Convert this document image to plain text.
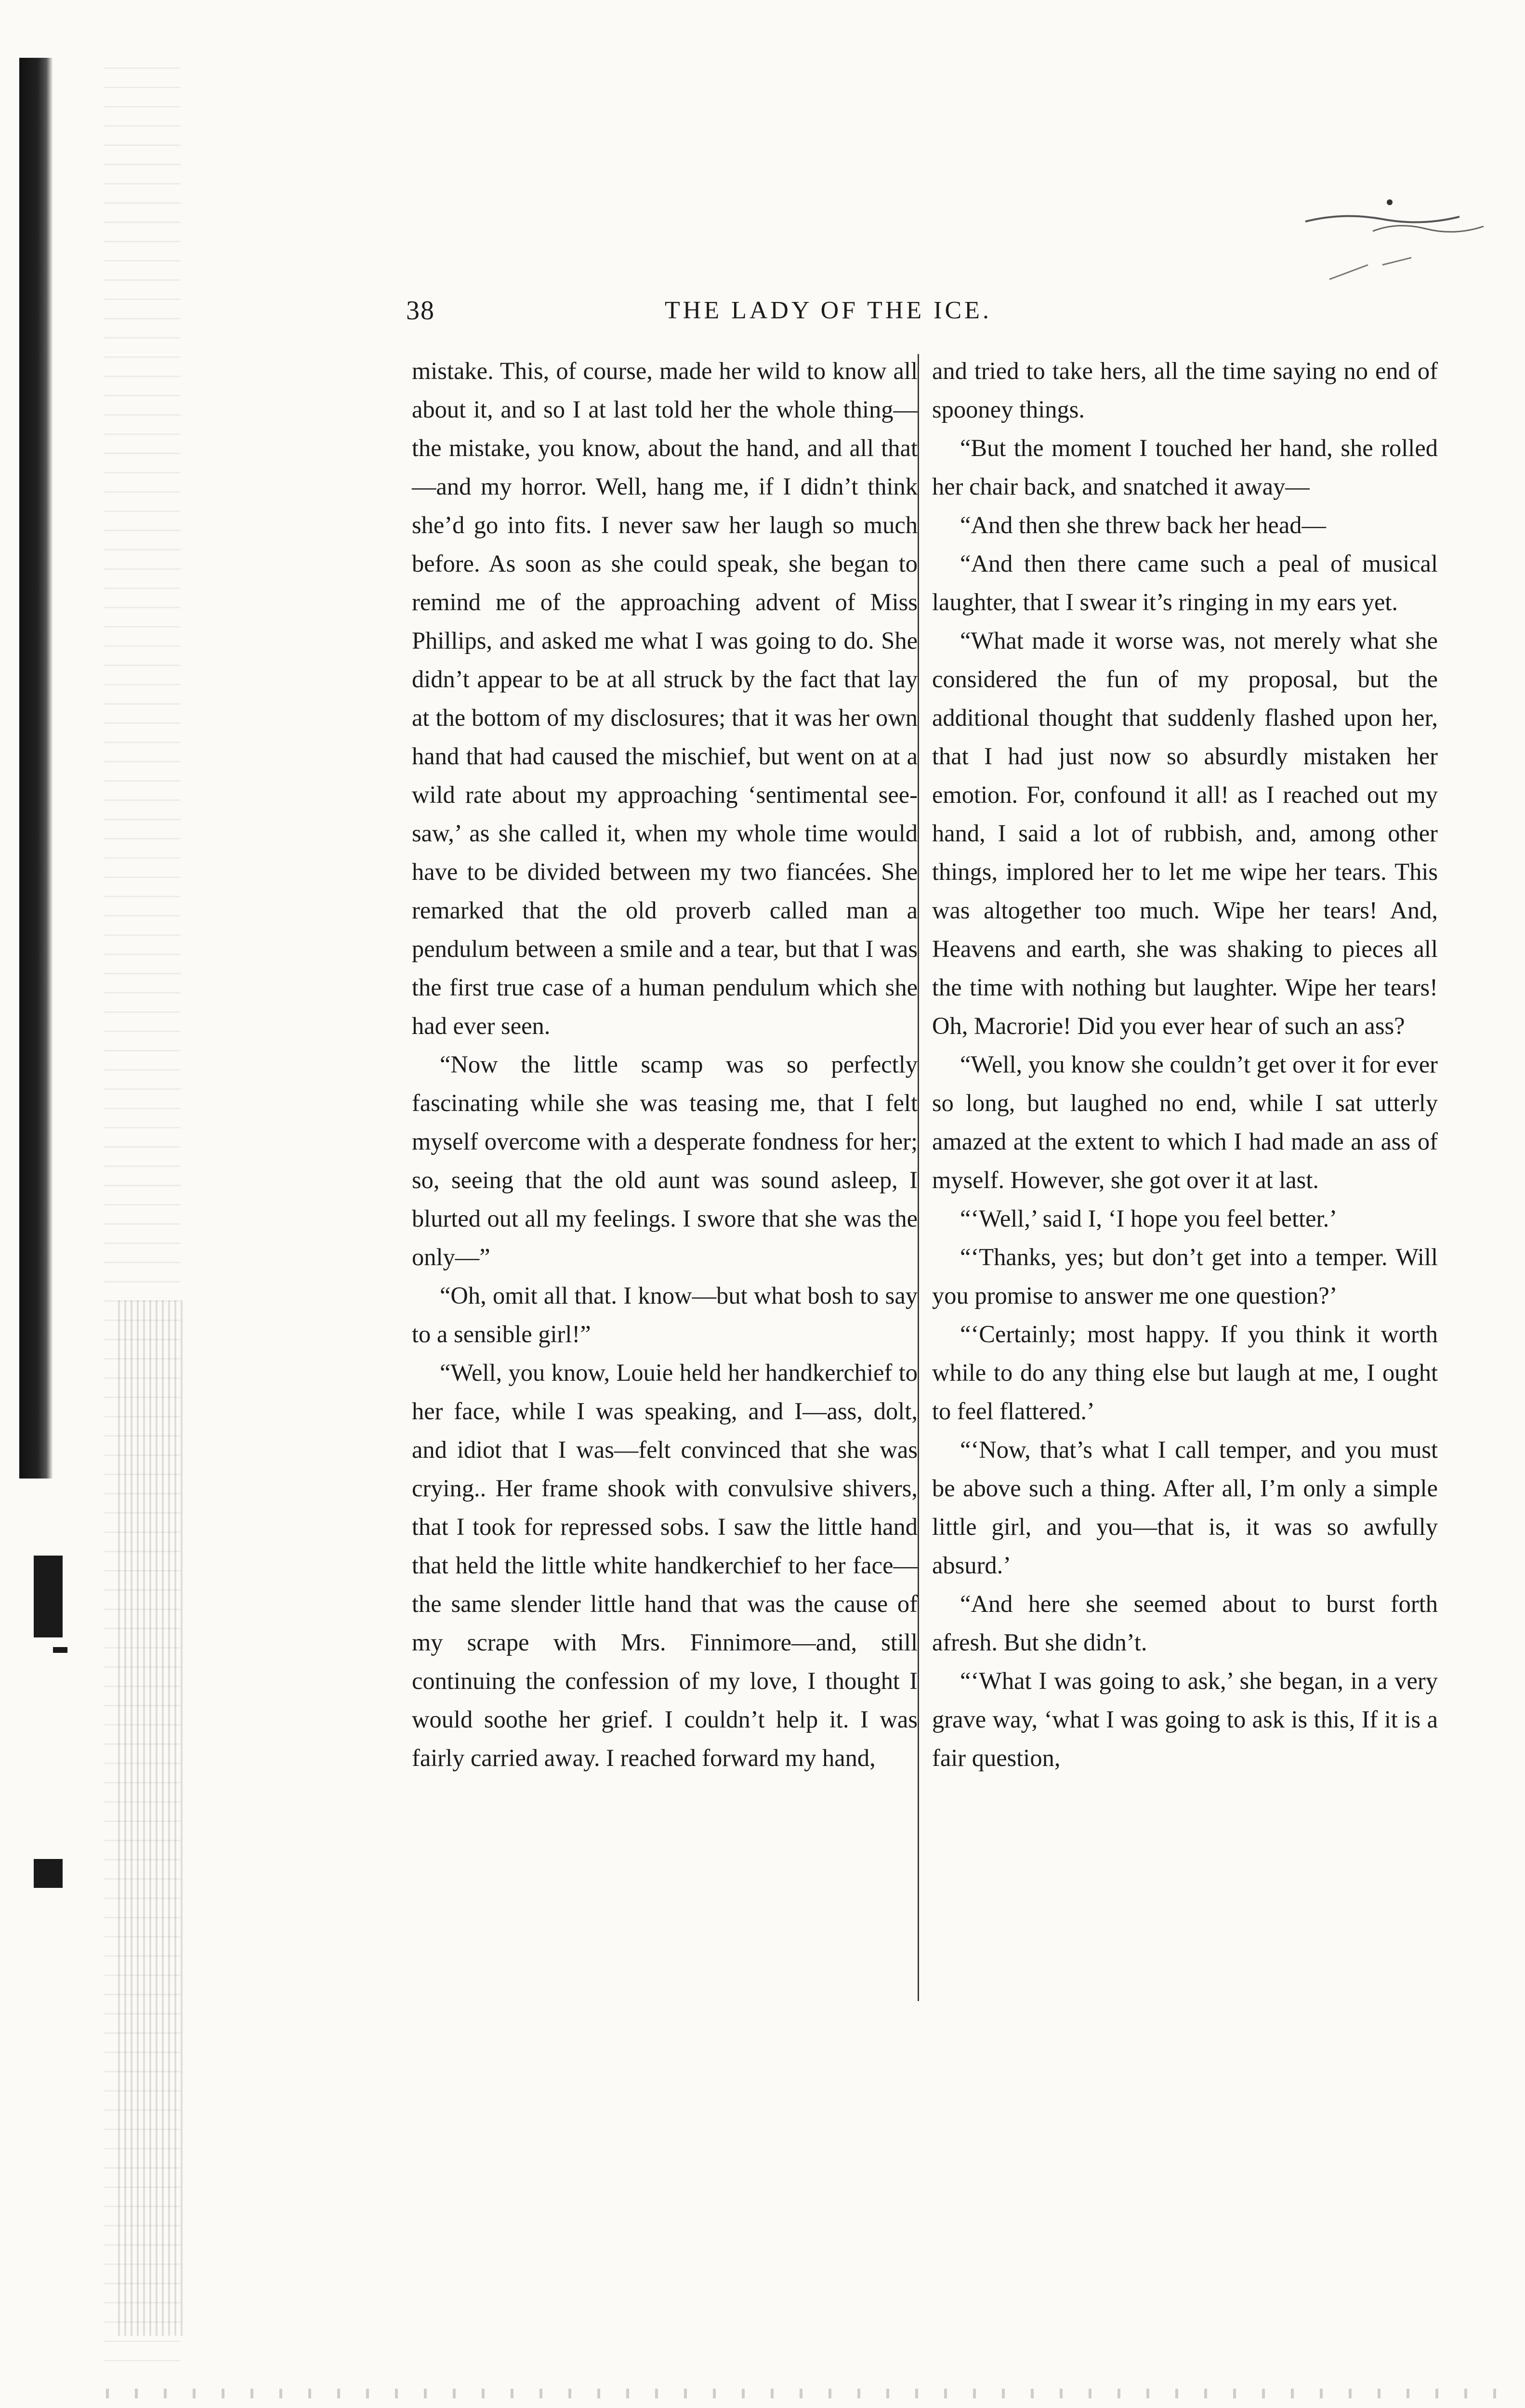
38	THE LADY OF THE ICE.

mistake. This, of course, made her wild to know all about it, and so I at last told her the whole thing—the mistake, you know, about the hand, and all that—and my horror. Well, hang me, if I didn’t think she’d go into fits. I never saw her laugh so much before. As soon as she could speak, she began to remind me of the approaching advent of Miss Phillips, and asked me what I was going to do. She didn’t appear to be at all struck by the fact that lay at the bottom of my disclosures; that it was her own hand that had caused the mischief, but went on at a wild rate about my approaching ‘sentimental see-saw,’ as she called it, when my whole time would have to be divided between my two fiancées. She remarked that the old proverb called man a pendulum between a smile and a tear, but that I was the first true case of a human pendulum which she had ever seen.

“Now the little scamp was so perfectly fascinating while she was teasing me, that I felt myself overcome with a desperate fondness for her; so, seeing that the old aunt was sound asleep, I blurted out all my feelings. I swore that she was the only—”

“Oh, omit all that. I know—but what bosh to say to a sensible girl!”

“Well, you know, Louie held her handkerchief to her face, while I was speaking, and I—ass, dolt, and idiot that I was—felt convinced that she was crying.. Her frame shook with convulsive shivers, that I took for repressed sobs. I saw the little hand that held the little white handkerchief to her face—the same slender little hand that was the cause of my scrape with Mrs. Finnimore—and, still continuing the confession of my love, I thought I would soothe her grief. I couldn’t help it. I was fairly carried away. I reached forward my hand,

and tried to take hers, all the time saying no end of spooney things.

“But the moment I touched her hand, she rolled her chair back, and snatched it away—

“And then she threw back her head—

“And then there came such a peal of musical laughter, that I swear it’s ringing in my ears yet.

“What made it worse was, not merely what she considered the fun of my proposal, but the additional thought that suddenly flashed upon her, that I had just now so absurdly mistaken her emotion. For, confound it all! as I reached out my hand, I said a lot of rubbish, and, among other things, implored her to let me wipe her tears. This was altogether too much. Wipe her tears! And, Heavens and earth, she was shaking to pieces all the time with nothing but laughter. Wipe her tears! Oh, Macrorie! Did you ever hear of such an ass?

“Well, you know she couldn’t get over it for ever so long, but laughed no end, while I sat utterly amazed at the extent to which I had made an ass of myself. However, she got over it at last.

“‘Well,’ said I, ‘I hope you feel better.’

“‘Thanks, yes; but don’t get into a temper. Will you promise to answer me one question?’

“‘Certainly; most happy. If you think it worth while to do any thing else but laugh at me, I ought to feel flattered.’

“‘Now, that’s what I call temper, and you must be above such a thing. After all, I’m only a simple little girl, and you—that is, it was so awfully absurd.’

“And here she seemed about to burst forth afresh. But she didn’t.

“‘What I was going to ask,’ she began, in a very grave way, ‘what I was going to ask is this, If it is a fair question,
